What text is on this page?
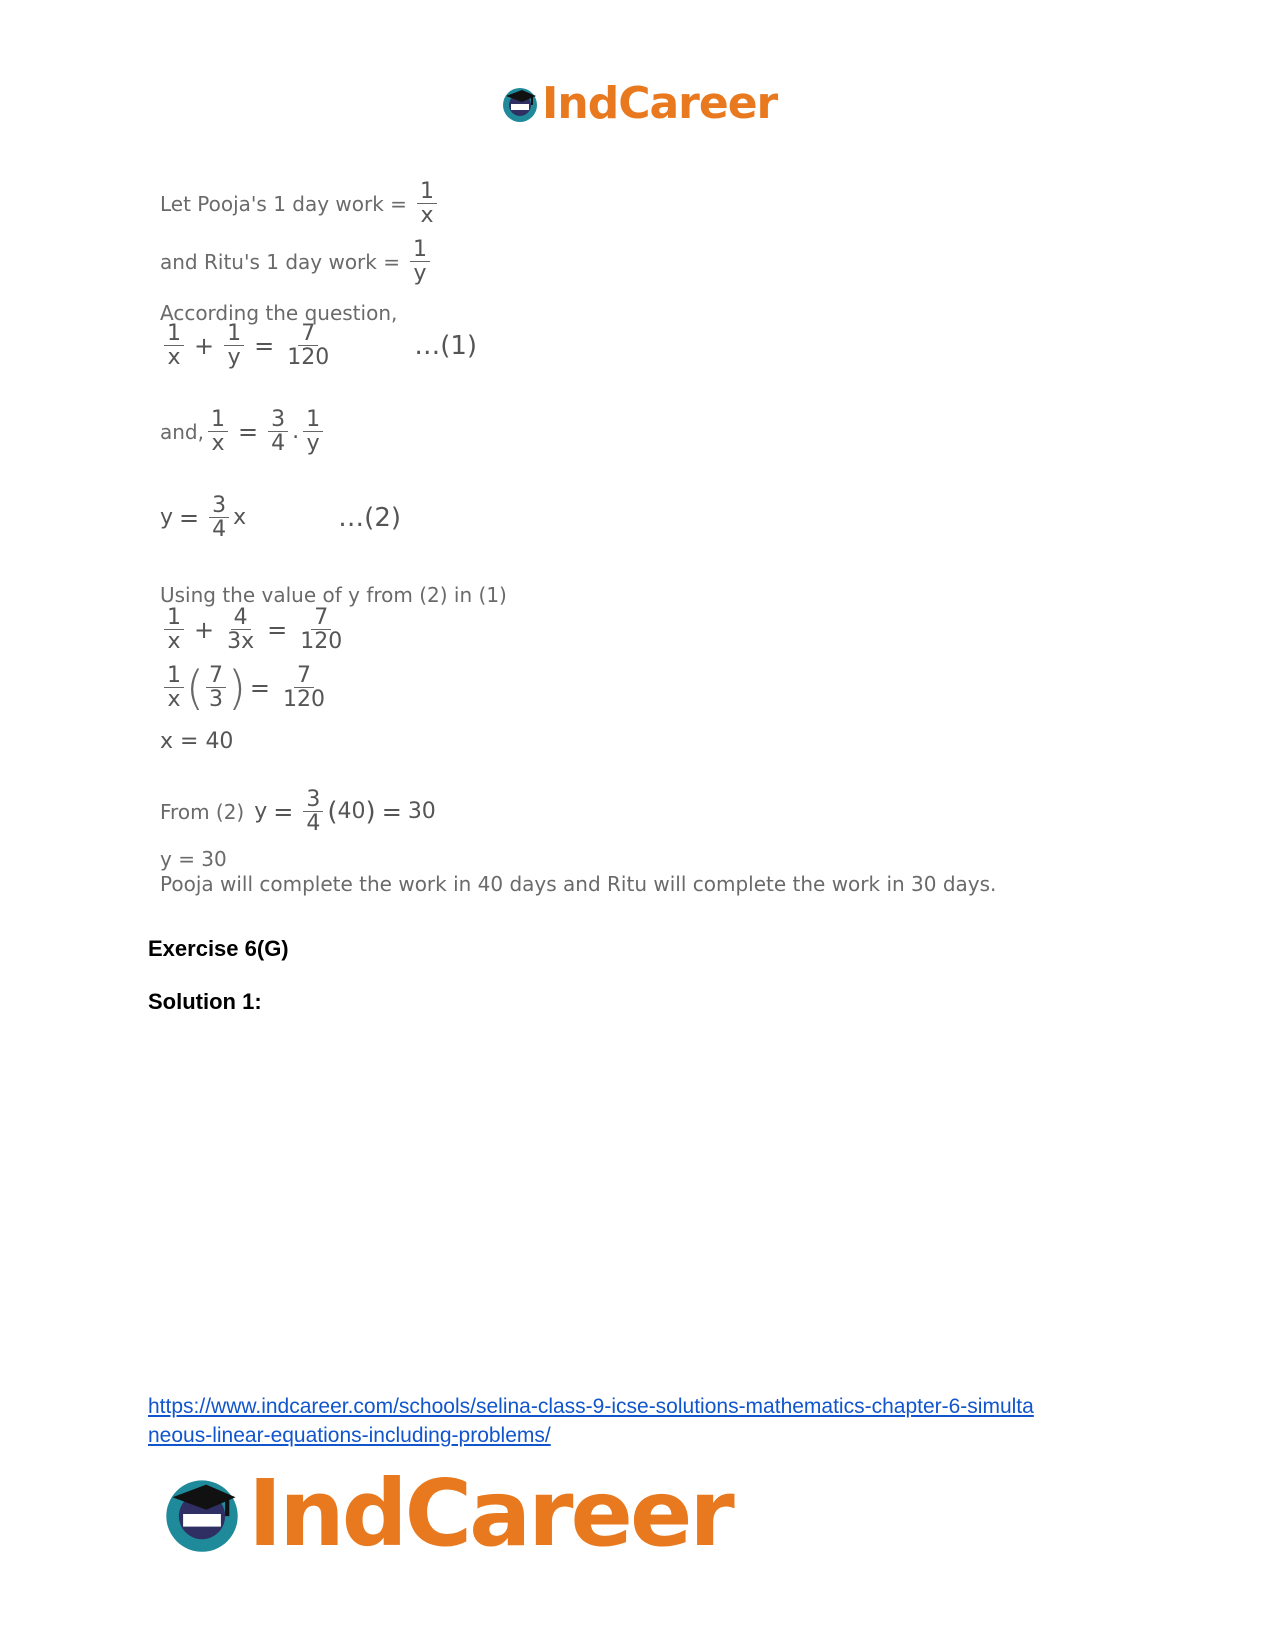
IndCareer
Let Pooja's 1 day work = $\frac{1}{x}$
and Ritu's 1 day work = $\frac{1}{y}$
According the question,
$\frac{1}{x} + \frac{1}{y} = \frac{7}{120}$	…(1)
and, $\frac{1}{x} = \frac{3}{4}$ . $\frac{1}{y}$
$y = \frac{3}{4}$ x	…(2)
Using the value of y from (2) in (1)
$\frac{1}{x} + \frac{4}{3x} = \frac{7}{120}$
$\frac{1}{x}$ ( $\frac{7}{3}$ ) = $\frac{7}{120}$
x = 40
From (2) $y = \frac{3}{4}$ ( 40 ) = 30
y = 30
Pooja will complete the work in 40 days and Ritu will complete the work in 30 days.
Exercise 6(G)
Solution 1:
https://www.indcareer.com/schools/selina-class-9-icse-solutions-mathematics-chapter-6-simulta
neous-linear-equations-including-problems/
IndCareer
